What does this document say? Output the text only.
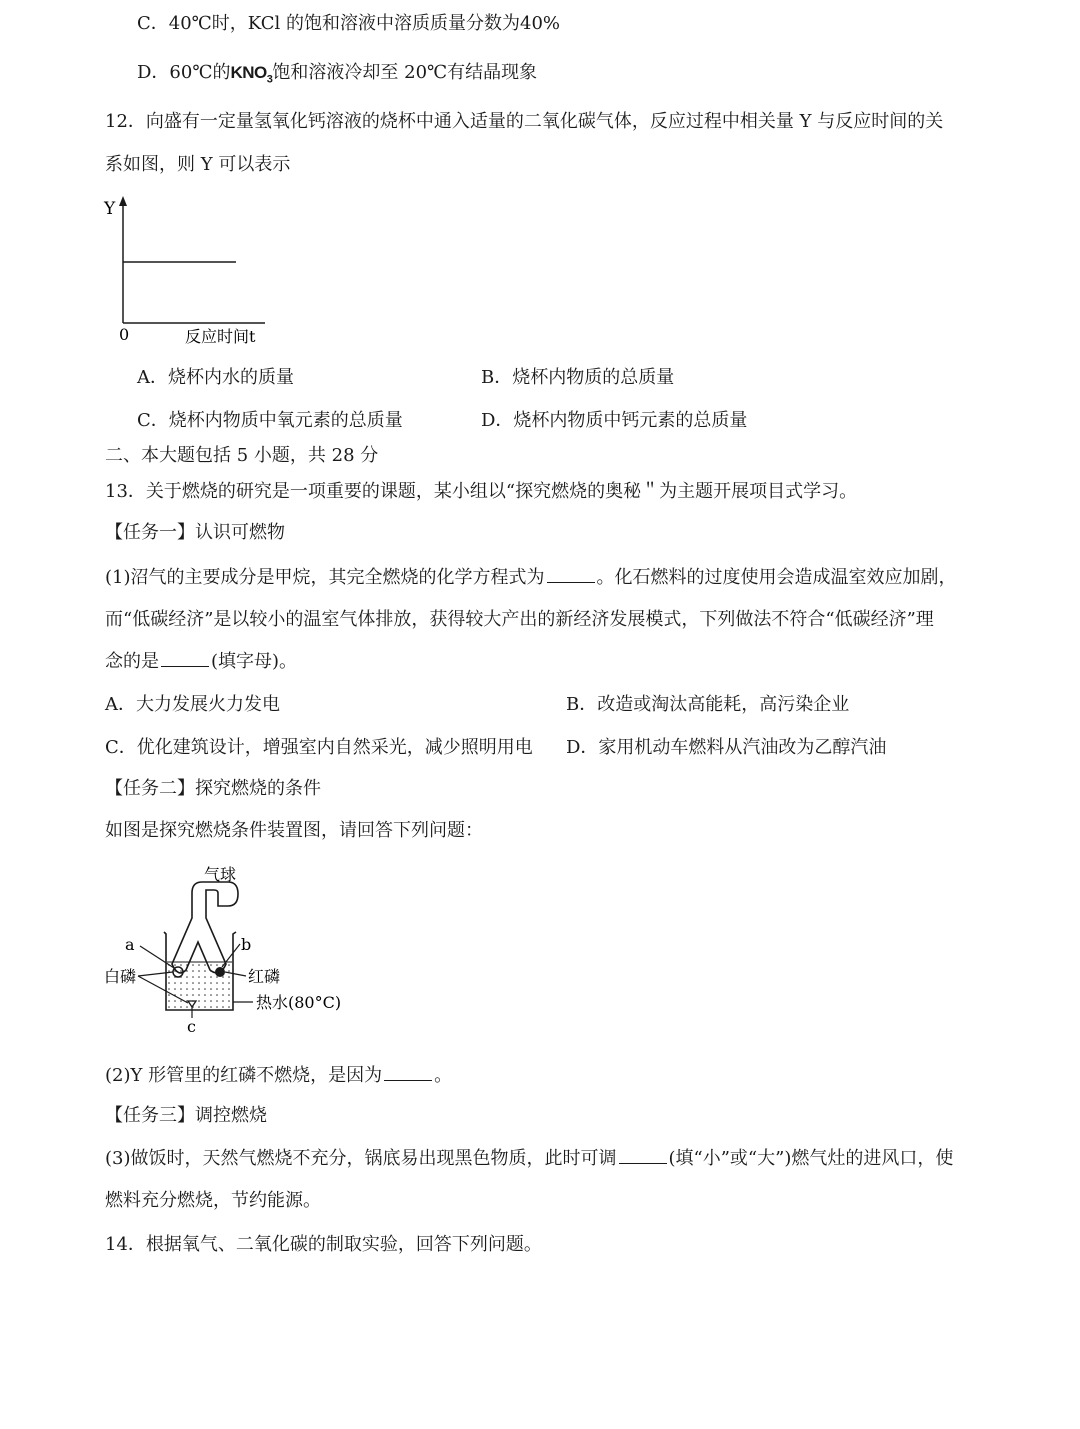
C．40℃时，KCl 的饱和溶液中溶质质量分数为40%
D．60℃的$KNO_3$饱和溶液冷却至 20℃有结晶现象
12．向盛有一定量氢氧化钙溶液的烧杯中通入适量的二氧化碳气体，反应过程中相关量 Y 与反应时间的关
系如图，则 Y 可以表示
Y
0	反应时间t
A．烧杯内水的质量	B．烧杯内物质的总质量
C．烧杯内物质中氧元素的总质量	D．烧杯内物质中钙元素的总质量
二、本大题包括 5 小题，共 28 分
13．关于燃烧的研究是一项重要的课题，某小组以“探究燃烧的奥秘＂为主题开展项目式学习。
【任务一】认识可燃物
(1)沼气的主要成分是甲烷，其完全燃烧的化学方程式为	。化石燃料的过度使用会造成温室效应加剧，
而“低碳经济”是以较小的温室气体排放，获得较大产出的新经济发展模式，下列做法不符合“低碳经济”理
念的是	(填字母)。
A．大力发展火力发电	B．改造或淘汰高能耗，高污染企业
C．优化建筑设计，增强室内自然采光，减少照明用电 D．家用机动车燃料从汽油改为乙醇汽油
【任务二】探究燃烧的条件
如图是探究燃烧条件装置图，请回答下列问题：
气球
a	b
白磷	红磷
热水(80°C)
c
(2)Y 形管里的红磷不燃烧，是因为	。
【任务三】调控燃烧
(3)做饭时，天然气燃烧不充分，锅底易出现黑色物质，此时可调	(填“小”或“大”)燃气灶的进风口，使
燃料充分燃烧，节约能源。
14．根据氧气、二氧化碳的制取实验，回答下列问题。
